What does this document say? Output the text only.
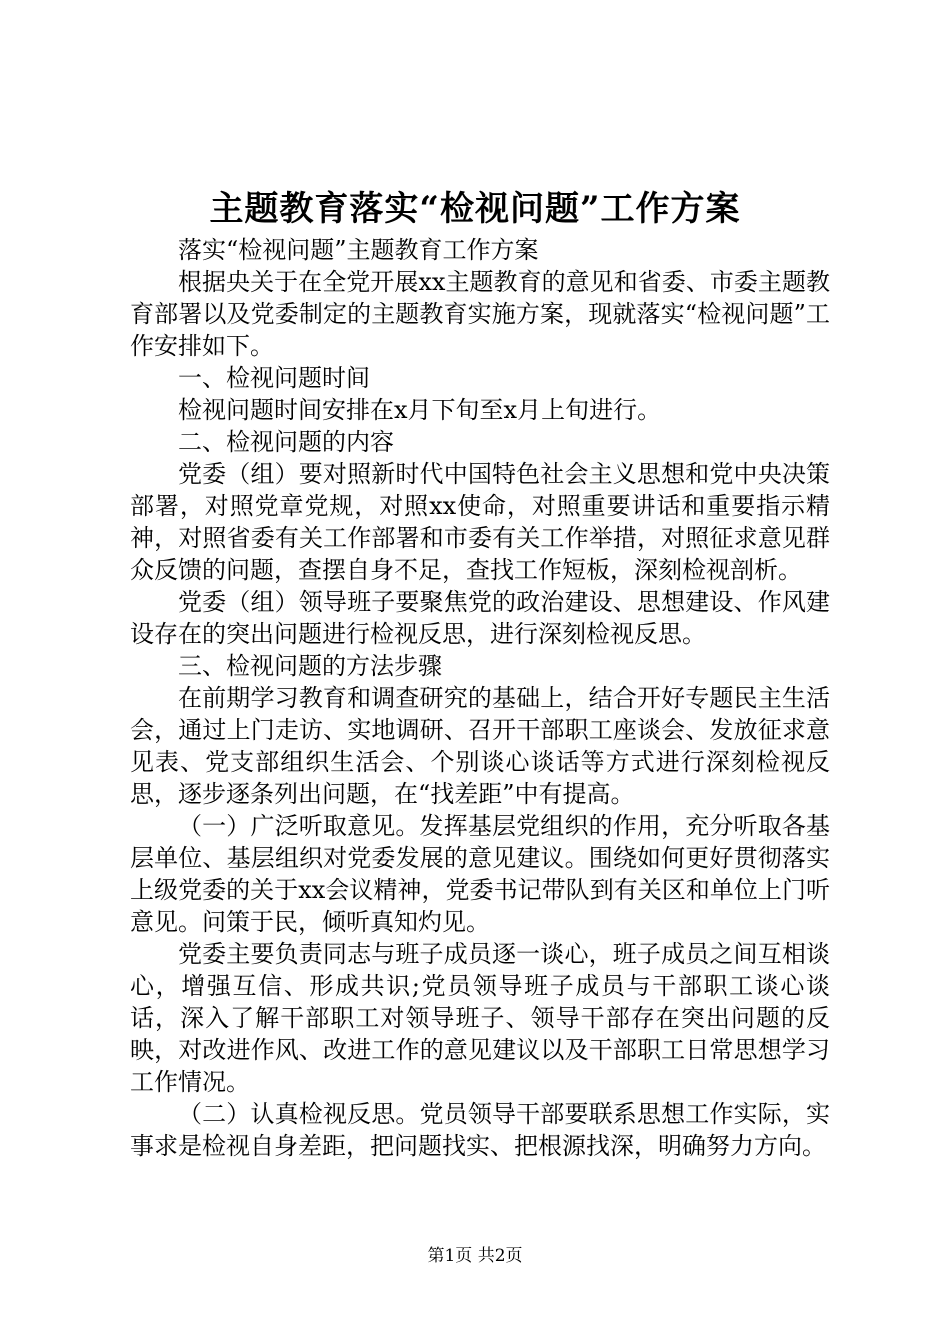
主题教育落实“检视问题”工作方案

落实“检视问题”主题教育工作方案

根据央关于在全党开展xx主题教育的意见和省委、市委主题教育部署以及党委制定的主题教育实施方案，现就落实“检视问题”工作安排如下。

一、检视问题时间

检视问题时间安排在x月下旬至x月上旬进行。

二、检视问题的内容

党委（组）要对照新时代中国特色社会主义思想和党中央决策部署，对照党章党规，对照xx使命，对照重要讲话和重要指示精神，对照省委有关工作部署和市委有关工作举措，对照征求意见群众反馈的问题，查摆自身不足，查找工作短板，深刻检视剖析。

党委（组）领导班子要聚焦党的政治建设、思想建设、作风建设存在的突出问题进行检视反思，进行深刻检视反思。

三、检视问题的方法步骤

在前期学习教育和调查研究的基础上，结合开好专题民主生活会，通过上门走访、实地调研、召开干部职工座谈会、发放征求意见表、党支部组织生活会、个别谈心谈话等方式进行深刻检视反思，逐步逐条列出问题，在“找差距”中有提高。

（一）广泛听取意见。发挥基层党组织的作用，充分听取各基层单位、基层组织对党委发展的意见建议。围绕如何更好贯彻落实上级党委的关于xx会议精神，党委书记带队到有关区和单位上门听意见。问策于民，倾听真知灼见。

党委主要负责同志与班子成员逐一谈心，班子成员之间互相谈心，增强互信、形成共识;党员领导班子成员与干部职工谈心谈话，深入了解干部职工对领导班子、领导干部存在突出问题的反映，对改进作风、改进工作的意见建议以及干部职工日常思想学习工作情况。

（二）认真检视反思。党员领导干部要联系思想工作实际，实事求是检视自身差距，把问题找实、把根源找深，明确努力方向。

第1页 共2页
